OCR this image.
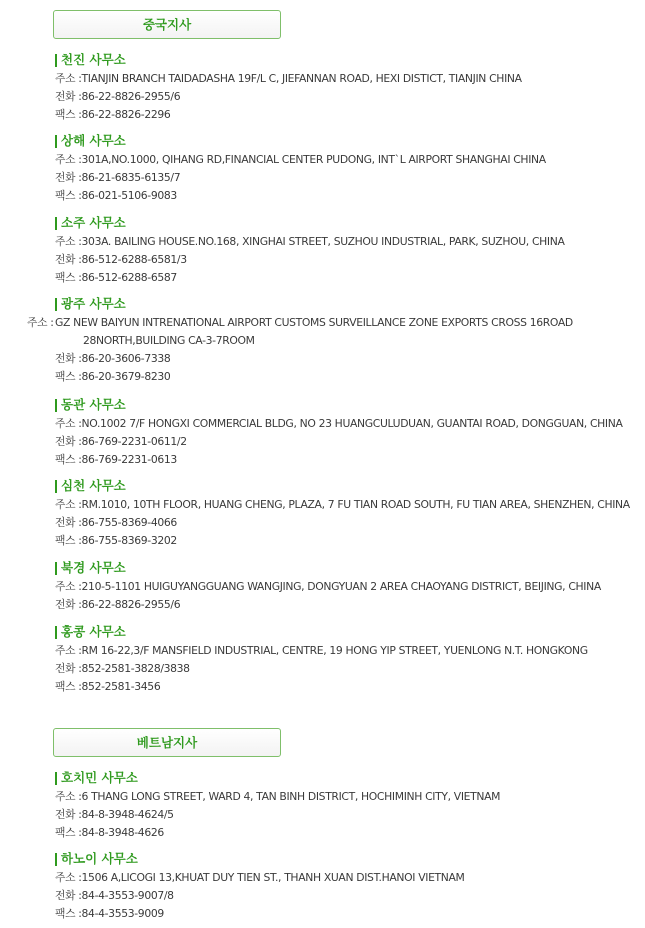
중국지사
천진 사무소
주소 :TIANJIN BRANCH TAIDADASHA 19F/L C, JIEFANNAN ROAD, HEXI DISTICT, TIANJIN CHINA
전화 :86-22-8826-2955/6
팩스 :86-22-8826-2296
상해 사무소
주소 :301A,NO.1000, QIHANG RD,FINANCIAL CENTER PUDONG, INT`L AIRPORT SHANGHAI CHINA
전화 :86-21-6835-6135/7
팩스 :86-021-5106-9083
소주 사무소
주소 :303A. BAILING HOUSE.NO.168, XINGHAI STREET, SUZHOU INDUSTRIAL, PARK, SUZHOU, CHINA
전화 :86-512-6288-6581/3
팩스 :86-512-6288-6587
광주 사무소
주소 :GZ NEW BAIYUN INTRENATIONAL AIRPORT CUSTOMS SURVEILLANCE ZONE EXPORTS CROSS 16ROAD 28NORTH,BUILDING CA-3-7ROOM
전화 :86-20-3606-7338
팩스 :86-20-3679-8230
동관 사무소
주소 :NO.1002 7/F HONGXI COMMERCIAL BLDG, NO 23 HUANGCULUDUAN, GUANTAI ROAD, DONGGUAN, CHINA
전화 :86-769-2231-0611/2
팩스 :86-769-2231-0613
심천 사무소
주소 :RM.1010, 10TH FLOOR, HUANG CHENG, PLAZA, 7 FU TIAN ROAD SOUTH, FU TIAN AREA, SHENZHEN, CHINA
전화 :86-755-8369-4066
팩스 :86-755-8369-3202
북경 사무소
주소 :210-5-1101 HUIGUYANGGUANG WANGJING, DONGYUAN 2 AREA CHAOYANG DISTRICT, BEIJING, CHINA
전화 :86-22-8826-2955/6
홍콩 사무소
주소 :RM 16-22,3/F MANSFIELD INDUSTRIAL, CENTRE, 19 HONG YIP STREET, YUENLONG N.T. HONGKONG
전화 :852-2581-3828/3838
팩스 :852-2581-3456
베트남지사
호치민 사무소
주소 :6 THANG LONG STREET, WARD 4, TAN BINH DISTRICT, HOCHIMINH CITY, VIETNAM
전화 :84-8-3948-4624/5
팩스 :84-8-3948-4626
하노이 사무소
주소 :1506 A,LICOGI 13,KHUAT DUY TIEN ST., THANH XUAN DIST.HANOI VIETNAM
전화 :84-4-3553-9007/8
팩스 :84-4-3553-9009
